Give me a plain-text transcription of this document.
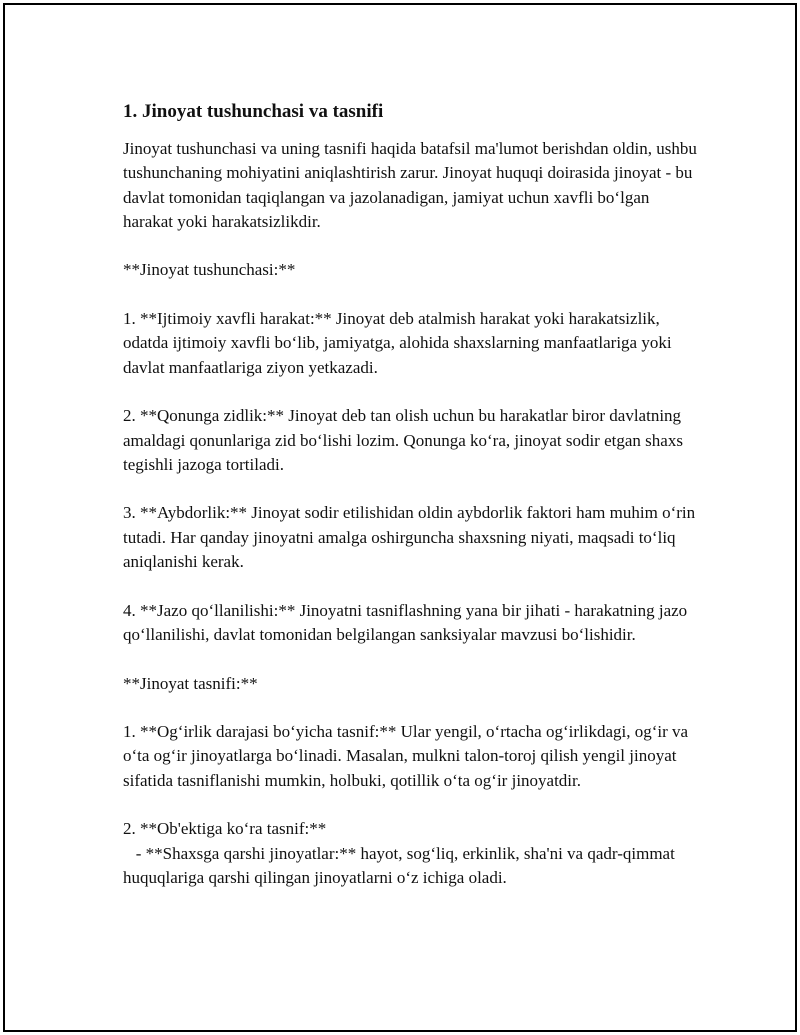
1. Jinoyat tushunchasi va tasnifi

Jinoyat tushunchasi va uning tasnifi haqida batafsil ma'lumot berishdan oldin, ushbu tushunchaning mohiyatini aniqlashtirish zarur. Jinoyat huquqi doirasida jinoyat - bu davlat tomonidan taqiqlangan va jazolanadigan, jamiyat uchun xavfli bo‘lgan harakat yoki harakatsizlikdir.

**Jinoyat tushunchasi:**

1. **Ijtimoiy xavfli harakat:** Jinoyat deb atalmish harakat yoki harakatsizlik, odatda ijtimoiy xavfli bo‘lib, jamiyatga, alohida shaxslarning manfaatlariga yoki davlat manfaatlariga ziyon yetkazadi.

2. **Qonunga zidlik:** Jinoyat deb tan olish uchun bu harakatlar biror davlatning amaldagi qonunlariga zid bo‘lishi lozim. Qonunga ko‘ra, jinoyat sodir etgan shaxs tegishli jazoga tortiladi.

3. **Aybdorlik:** Jinoyat sodir etilishidan oldin aybdorlik faktori ham muhim o‘rin tutadi. Har qanday jinoyatni amalga oshirguncha shaxsning niyati, maqsadi to‘liq aniqlanishi kerak.

4. **Jazo qo‘llanilishi:** Jinoyatni tasniflashning yana bir jihati - harakatning jazo qo‘llanilishi, davlat tomonidan belgilangan sanksiyalar mavzusi bo‘lishidir.

**Jinoyat tasnifi:**

1. **Og‘irlik darajasi bo‘yicha tasnif:** Ular yengil, o‘rtacha og‘irlikdagi, og‘ir va o‘ta og‘ir jinoyatlarga bo‘linadi. Masalan, mulkni talon-toroj qilish yengil jinoyat sifatida tasniflanishi mumkin, holbuki, qotillik o‘ta og‘ir jinoyatdir.

2. **Ob'ektiga ko‘ra tasnif:**
- **Shaxsga qarshi jinoyatlar:** hayot, sog‘liq, erkinlik, sha'ni va qadr-qimmat huquqlariga qarshi qilingan jinoyatlarni o‘z ichiga oladi.
